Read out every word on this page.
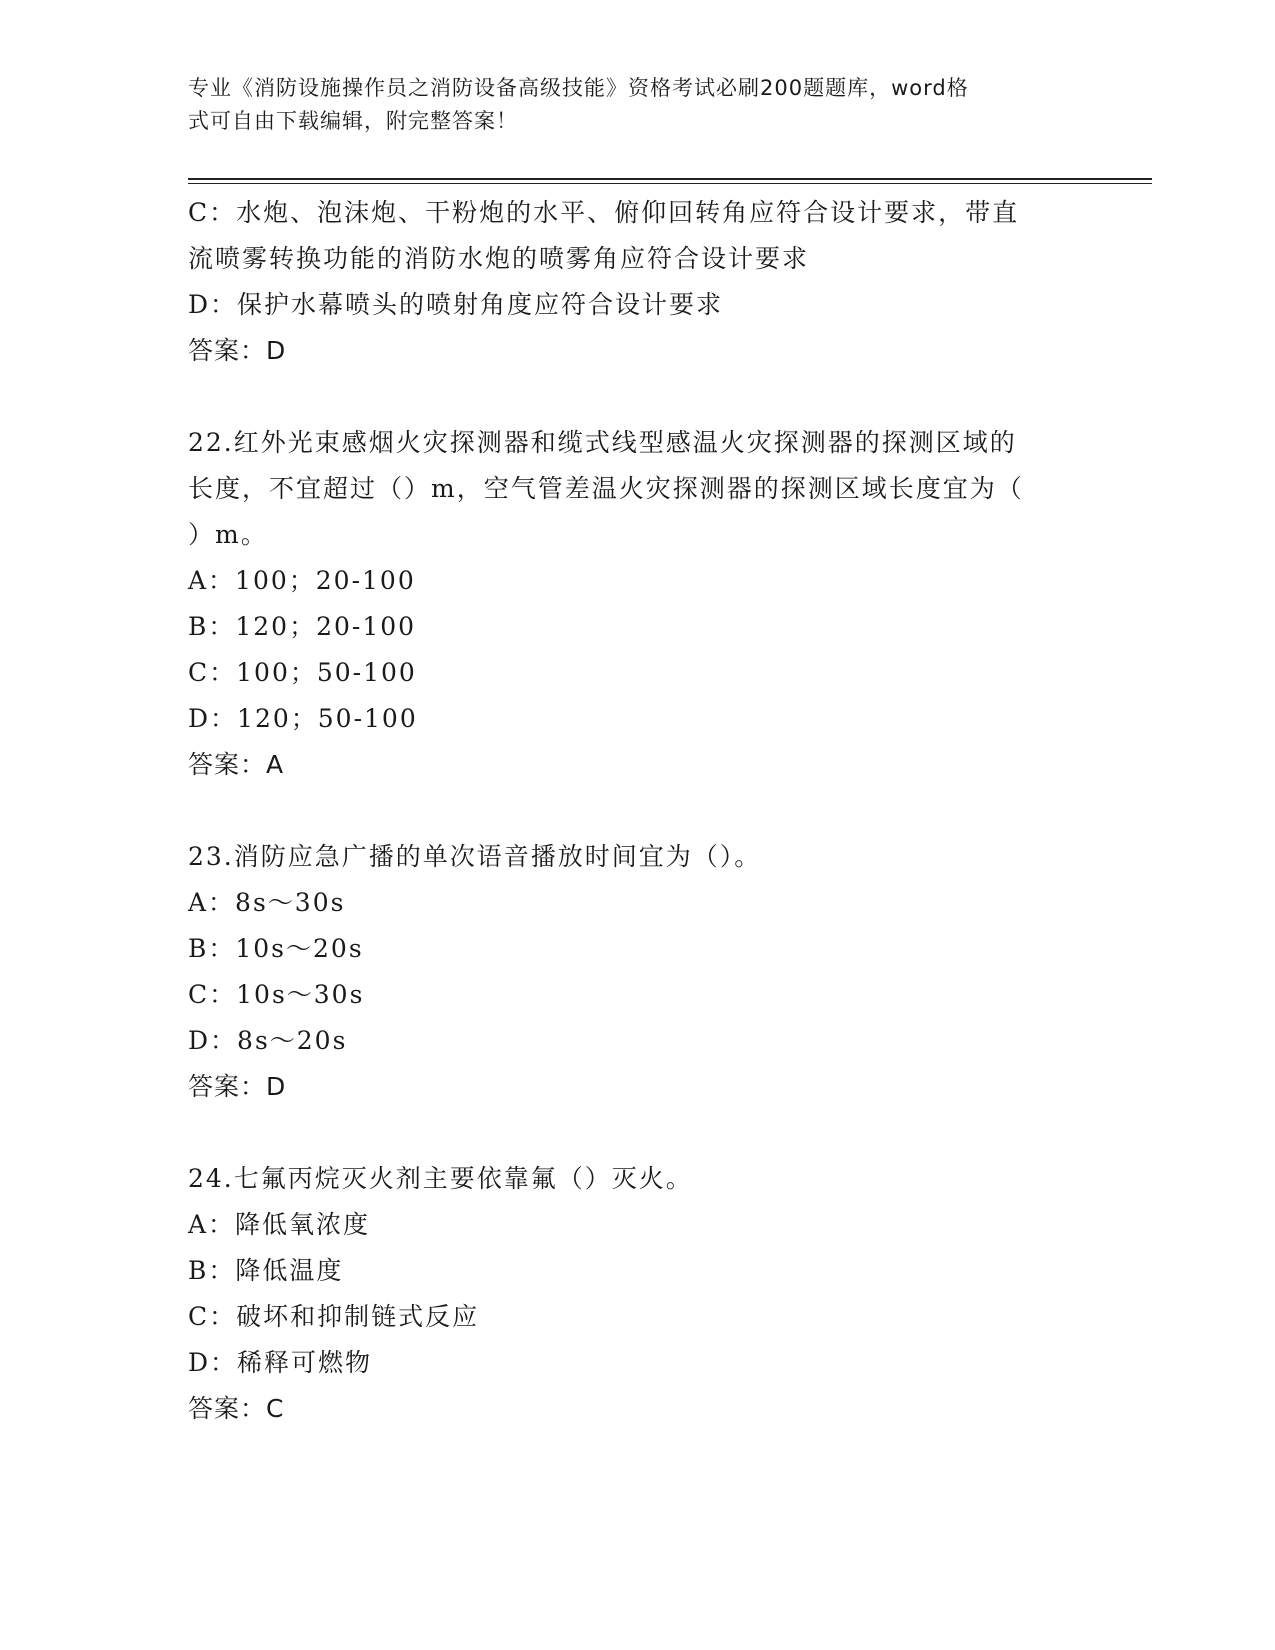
专业《消防设施操作员之消防设备高级技能》资格考试必刷200题题库，word格
式可自由下载编辑，附完整答案！
C：水炮、泡沫炮、干粉炮的水平、俯仰回转角应符合设计要求，带直
流喷雾转换功能的消防水炮的喷雾角应符合设计要求
D：保护水幕喷头的喷射角度应符合设计要求
答案：D
22.红外光束感烟火灾探测器和缆式线型感温火灾探测器的探测区域的
长度，不宜超过（）m，空气管差温火灾探测器的探测区域长度宜为（
）m。
A：100；20-100
B：120；20-100
C：100；50-100
D：120；50-100
答案：A
23.消防应急广播的单次语音播放时间宜为（）。
A：8s～30s
B：10s～20s
C：10s～30s
D：8s～20s
答案：D
24.七氟丙烷灭火剂主要依靠氟（）灭火。
A：降低氧浓度
B：降低温度
C：破坏和抑制链式反应
D：稀释可燃物
答案：C
